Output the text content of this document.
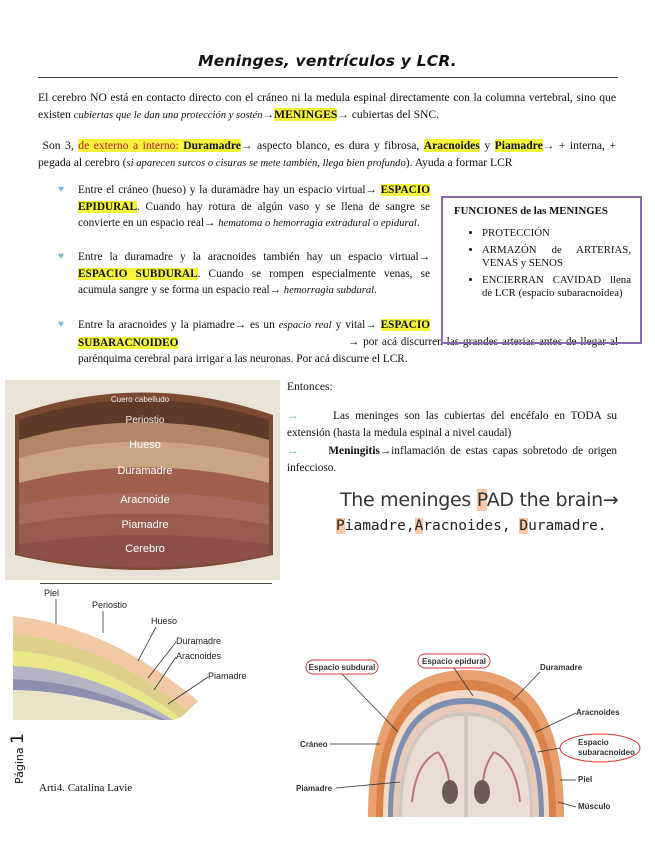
Meninges, ventrículos y LCR.
El cerebro NO está en contacto directo con el cráneo ni la medula espinal directamente con la columna vertebral, sino que existen cubiertas que le dan una protección y sostén→MENINGES→ cubiertas del SNC.
Son 3, de externo a interno: Duramadre→ aspecto blanco, es dura y fibrosa, Aracnoides y Piamadre→ + interna, + pegada al cerebro (si aparecen surcos o cisuras se mete también, llega bien profundo). Ayuda a formar LCR
♥ Entre el cráneo (hueso) y la duramadre hay un espacio virtual→ ESPACIO EPIDURAL. Cuando hay rotura de algún vaso y se llena de sangre se convierte en un espacio real→ hematoma o hemorragia extradural o epidural.
♥ Entre la duramadre y la aracnoides también hay un espacio virtual→ ESPACIO SUBDURAL. Cuando se rompen especialmente venas, se acumula sangre y se forma un espacio real→ hemorragia subdural.
♥ Entre la aracnoides y la piamadre→ es un espacio real y vital→ ESPACIO SUBARACNOIDEO	→ por acá discurren las grandes arterias antes de llegar al parénquima cerebral para irrigar a las neuronas. Por acá discurre el LCR.
FUNCIONES de las MENINGES
• PROTECCIÓN
• ARMAZÓN de ARTERIAS, VENAS y SENOS
• ENCIERRAN CAVIDAD llena de LCR (espacio subaracnoidea)
Cuero cabelludo
Periostio
Hueso
Duramadre
Aracnoide
Piamadre
Cerebro
Entonces:
→	Las meninges son las cubiertas del encéfalo en TODA su extensión (hasta la medula espinal a nivel caudal)
→	Meningitis→inflamación de estas capas sobretodo de origen infeccioso.
The meninges PAD the brain→
Piamadre,Aracnoides, Duramadre.
Piel
Periostio
Hueso
Duramadre
Aracnoides
Piamadre
Espacio subdural
Espacio epidural
Duramadre
Aracnoides
Espacio
subaracnoideo
Cráneo
Piel
Piamadre
Músculo
Página 1
Arti4. Catalina Lavie
